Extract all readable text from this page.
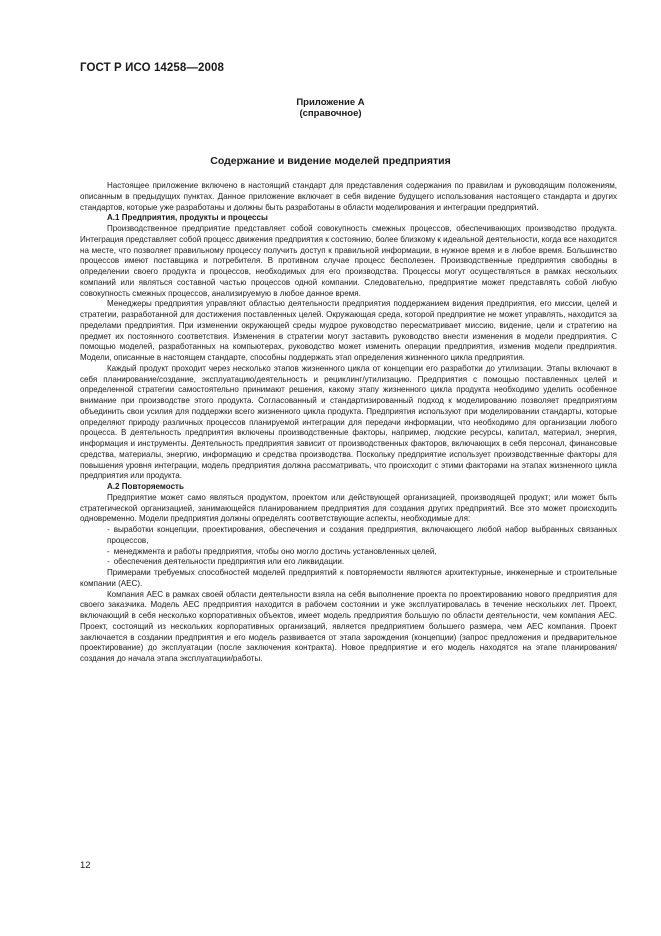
ГОСТ Р ИСО 14258—2008
Приложение А
(справочное)
Содержание и видение моделей предприятия

Настоящее приложение включено в настоящий стандарт для представления содержания по правилам и руководящим положениям, описанным в предыдущих пунктах. Данное приложение включает в себя видение будущего использования настоящего стандарта и других стандартов, которые уже разработаны и должны быть разработаны в области моделирования и интеграции предприятий.

А.1 Предприятия, продукты и процессы

Производственное предприятие представляет собой совокупность смежных процессов, обеспечивающих производство продукта. Интеграция представляет собой процесс движения предприятия к состоянию, более близкому к идеальной деятельности, когда все находится на месте, что позволяет правильному процессу получить доступ к правильной информации, в нужное время и в любое время. Большинство процессов имеют поставщика и потребителя. В противном случае процесс бесполезен. Производственные предприятия свободны в определении своего продукта и процессов, необходимых для его производства. Процессы могут осуществляться в рамках нескольких компаний или являться составной частью процессов одной компании. Следовательно, предприятие может представлять собой любую совокупность смежных процессов, анализируемую в любое данное время.

Менеджеры предприятия управляют областью деятельности предприятия поддержанием видения предприятия, его миссии, целей и стратегии, разработанной для достижения поставленных целей. Окружающая среда, которой предприятие не может управлять, находится за пределами предприятия. При изменении окружающей среды мудрое руководство пересматривает миссию, видение, цели и стратегию на предмет их постоянного соответствия. Изменения в стратегии могут заставить руководство внести изменения в модели предприятия. С помощью моделей, разработанных на компьютерах, руководство может изменить операции предприятия, изменив модели предприятия. Модели, описанные в настоящем стандарте, способны поддержать этап определения жизненного цикла предприятия.

Каждый продукт проходит через несколько этапов жизненного цикла от концепции его разработки до утилизации. Этапы включают в себя планирование/создание, эксплуатацию/деятельность и рециклинг/утилизацию. Предприятия с помощью поставленных целей и определенной стратегии самостоятельно принимают решения, какому этапу жизненного цикла продукта необходимо уделить особенное внимание при производстве этого продукта. Согласованный и стандартизированный подход к моделированию позволяет предприятиям объединить свои усилия для поддержки всего жизненного цикла продукта. Предприятия используют при моделировании стандарты, которые определяют природу различных процессов планируемой интеграции для передачи информации, что необходимо для организации любого процесса. В деятельность предприятия включены производственные факторы, например, людские ресурсы, капитал, материал, энергия, информация и инструменты. Деятельность предприятия зависит от производственных факторов, включающих в себя персонал, финансовые средства, материалы, энергию, информацию и средства производства. Поскольку предприятие использует производственные факторы для повышения уровня интеграции, модель предприятия должна рассматривать, что происходит с этими факторами на этапах жизненного цикла предприятия или продукта.

А.2 Повторяемость

Предприятие может само являться продуктом, проектом или действующей организацией, производящей продукт; или может быть стратегической организацией, занимающейся планированием предприятия для создания других предприятий. Все это может происходить одновременно. Модели предприятия должны определять соответствующие аспекты, необходимые для:

- выработки концепции, проектирования, обеспечения и создания предприятия, включающего любой набор выбранных связанных процессов,
- менеджмента и работы предприятия, чтобы оно могло достичь установленных целей,
- обеспечения деятельности предприятия или его ликвидации.

Примерами требуемых способностей моделей предприятий к повторяемости являются архитектурные, инженерные и строительные компании (АЕС).

Компания АЕС в рамках своей области деятельности взяла на себя выполнение проекта по проектированию нового предприятия для своего заказчика. Модель АЕС предприятия находится в рабочем состоянии и уже эксплуатировалась в течение нескольких лет. Проект, включающий в себя несколько корпоративных объектов, имеет модель предприятия большую по области деятельности, чем компания АЕС. Проект, состоящий из нескольких корпоративных организаций, является предприятием большего размера, чем АЕС компания. Проект заключается в создании предприятия и его модель развивается от этапа зарождения (концепции) (запрос предложения и предварительное проектирование) до эксплуатации (после заключения контракта). Новое предприятие и его модель находятся на этапе планирования/создания до начала этапа эксплуатации/работы.

12
